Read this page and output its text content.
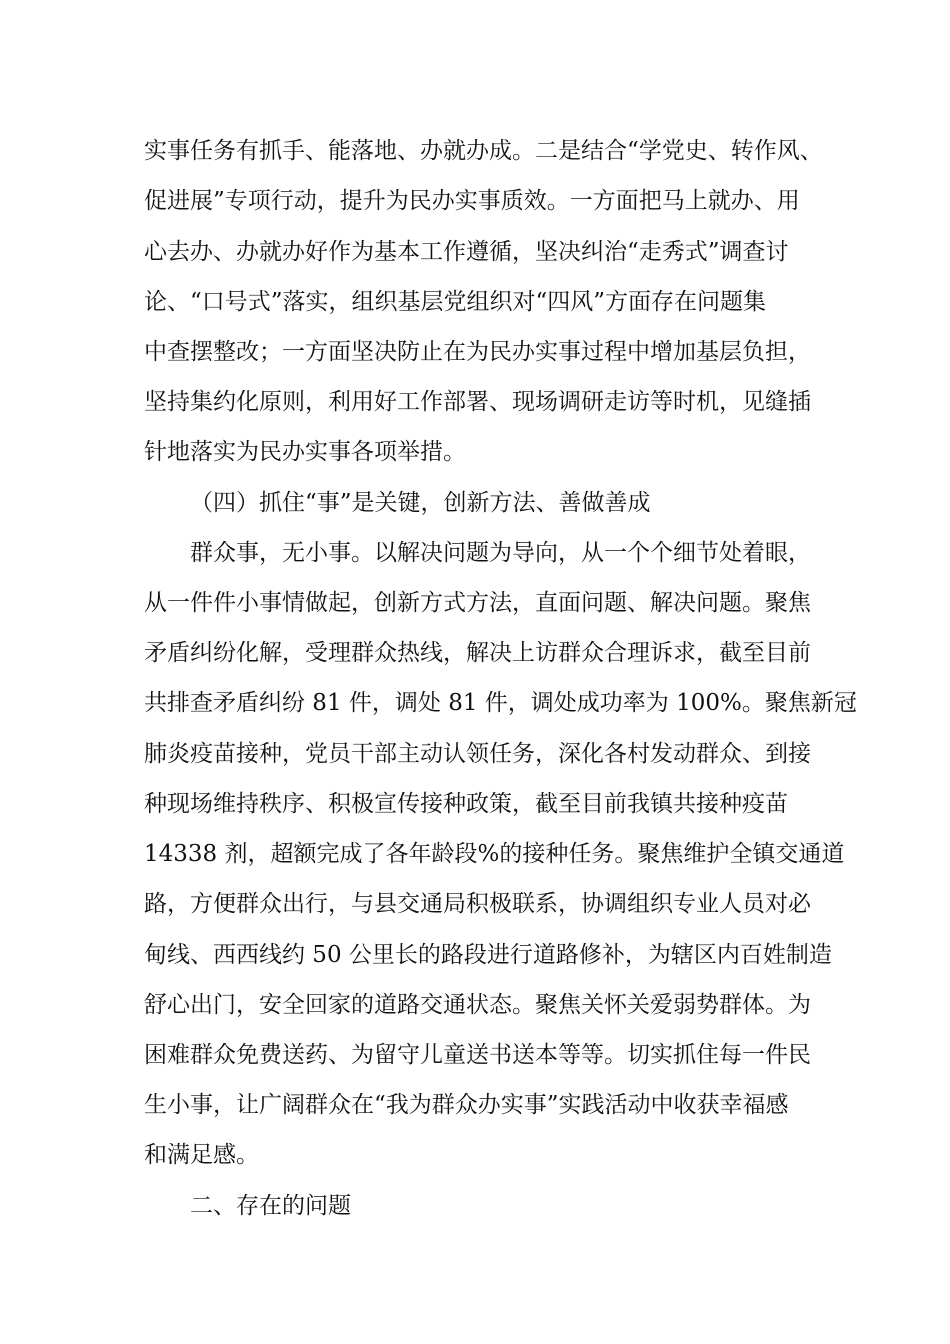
实事任务有抓手、能落地、办就办成。二是结合“学党史、转作风、
促进展”专项行动，提升为民办实事质效。一方面把马上就办、用
心去办、办就办好作为基本工作遵循，坚决纠治“走秀式”调查讨
论、“口号式”落实，组织基层党组织对“四风”方面存在问题集
中查摆整改；一方面坚决防止在为民办实事过程中增加基层负担，
坚持集约化原则，利用好工作部署、现场调研走访等时机，见缝插
针地落实为民办实事各项举措。
（四）抓住“事”是关键，创新方法、善做善成
群众事，无小事。以解决问题为导向，从一个个细节处着眼，
从一件件小事情做起，创新方式方法，直面问题、解决问题。聚焦
矛盾纠纷化解，受理群众热线，解决上访群众合理诉求，截至目前
共排查矛盾纠纷 81 件，调处 81 件，调处成功率为 100%。聚焦新冠
肺炎疫苗接种，党员干部主动认领任务，深化各村发动群众、到接
种现场维持秩序、积极宣传接种政策，截至目前我镇共接种疫苗
14338 剂，超额完成了各年龄段%的接种任务。聚焦维护全镇交通道
路，方便群众出行，与县交通局积极联系，协调组织专业人员对必
甸线、西西线约 50 公里长的路段进行道路修补，为辖区内百姓制造
舒心出门，安全回家的道路交通状态。聚焦关怀关爱弱势群体。为
困难群众免费送药、为留守儿童送书送本等等。切实抓住每一件民
生小事，让广阔群众在“我为群众办实事”实践活动中收获幸福感
和满足感。
二、存在的问题
